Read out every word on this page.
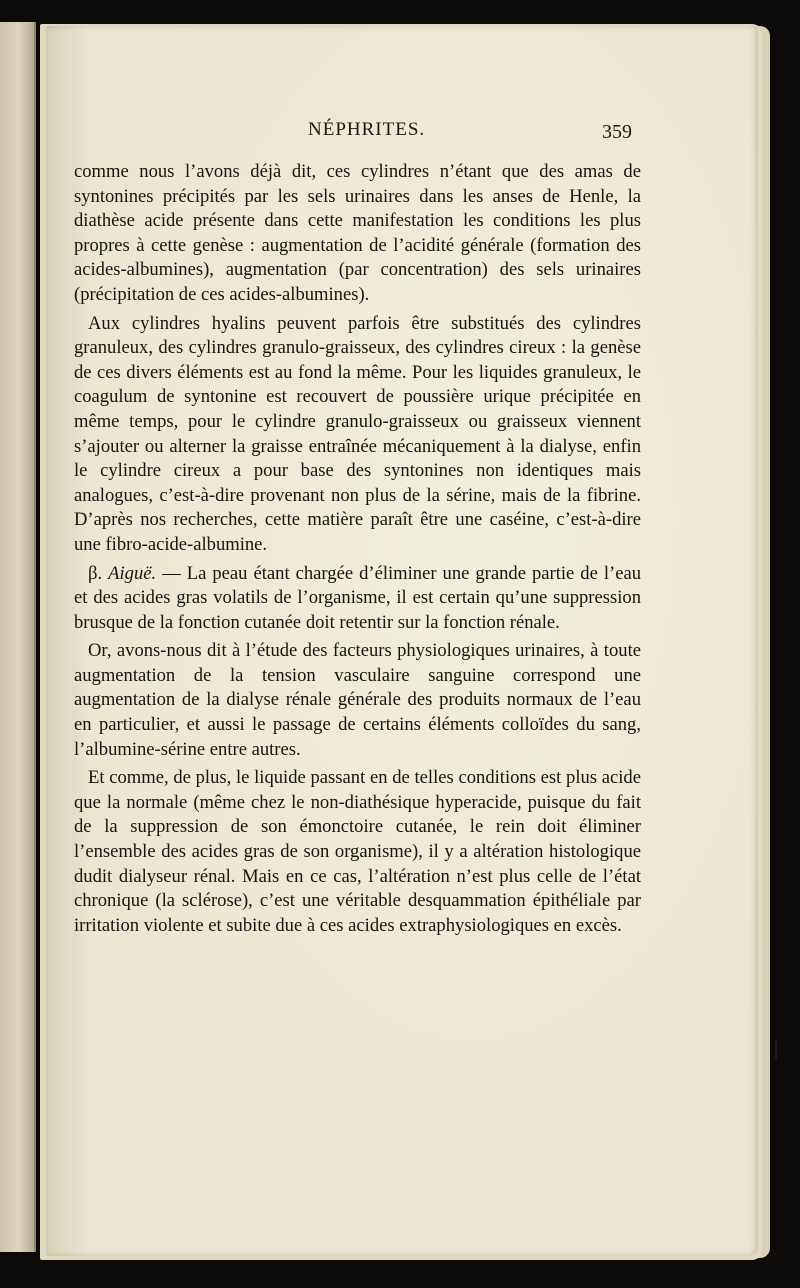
NÉPHRITES.	359

comme nous l’avons déjà dit, ces cylindres n’étant que des amas de syntonines précipités par les sels urinaires dans les anses de Henle, la diathèse acide présente dans cette manifestation les conditions les plus propres à cette genèse : augmentation de l’acidité générale (formation des acides-albumines), augmentation (par concentration) des sels urinaires (précipitation de ces acides-albumines).

Aux cylindres hyalins peuvent parfois être substitués des cylindres granuleux, des cylindres granulo-graisseux, des cylindres cireux : la genèse de ces divers éléments est au fond la même. Pour les liquides granuleux, le coagulum de syntonine est recouvert de poussière urique précipitée en même temps, pour le cylindre granulo-graisseux ou graisseux viennent s’ajouter ou alterner la graisse entraînée mécaniquement à la dialyse, enfin le cylindre cireux a pour base des syntonines non identiques mais analogues, c’est-à-dire provenant non plus de la sérine, mais de la fibrine. D’après nos recherches, cette matière paraît être une caséine, c’est-à-dire une fibro-acide-albumine.

β. Aiguë. — La peau étant chargée d’éliminer une grande partie de l’eau et des acides gras volatils de l’organisme, il est certain qu’une suppression brusque de la fonction cutanée doit retentir sur la fonction rénale.

Or, avons-nous dit à l’étude des facteurs physiologiques urinaires, à toute augmentation de la tension vasculaire sanguine correspond une augmentation de la dialyse rénale générale des produits normaux de l’eau en particulier, et aussi le passage de certains éléments colloïdes du sang, l’albumine-sérine entre autres.

Et comme, de plus, le liquide passant en de telles conditions est plus acide que la normale (même chez le non-diathésique hyperacide, puisque du fait de la suppression de son émonctoire cutanée, le rein doit éliminer l’ensemble des acides gras de son organisme), il y a altération histologique dudit dialyseur rénal. Mais en ce cas, l’altération n’est plus celle de l’état chronique (la sclérose), c’est une véritable desquammation épithéliale par irritation violente et subite due à ces acides extraphysiologiques en excès.
